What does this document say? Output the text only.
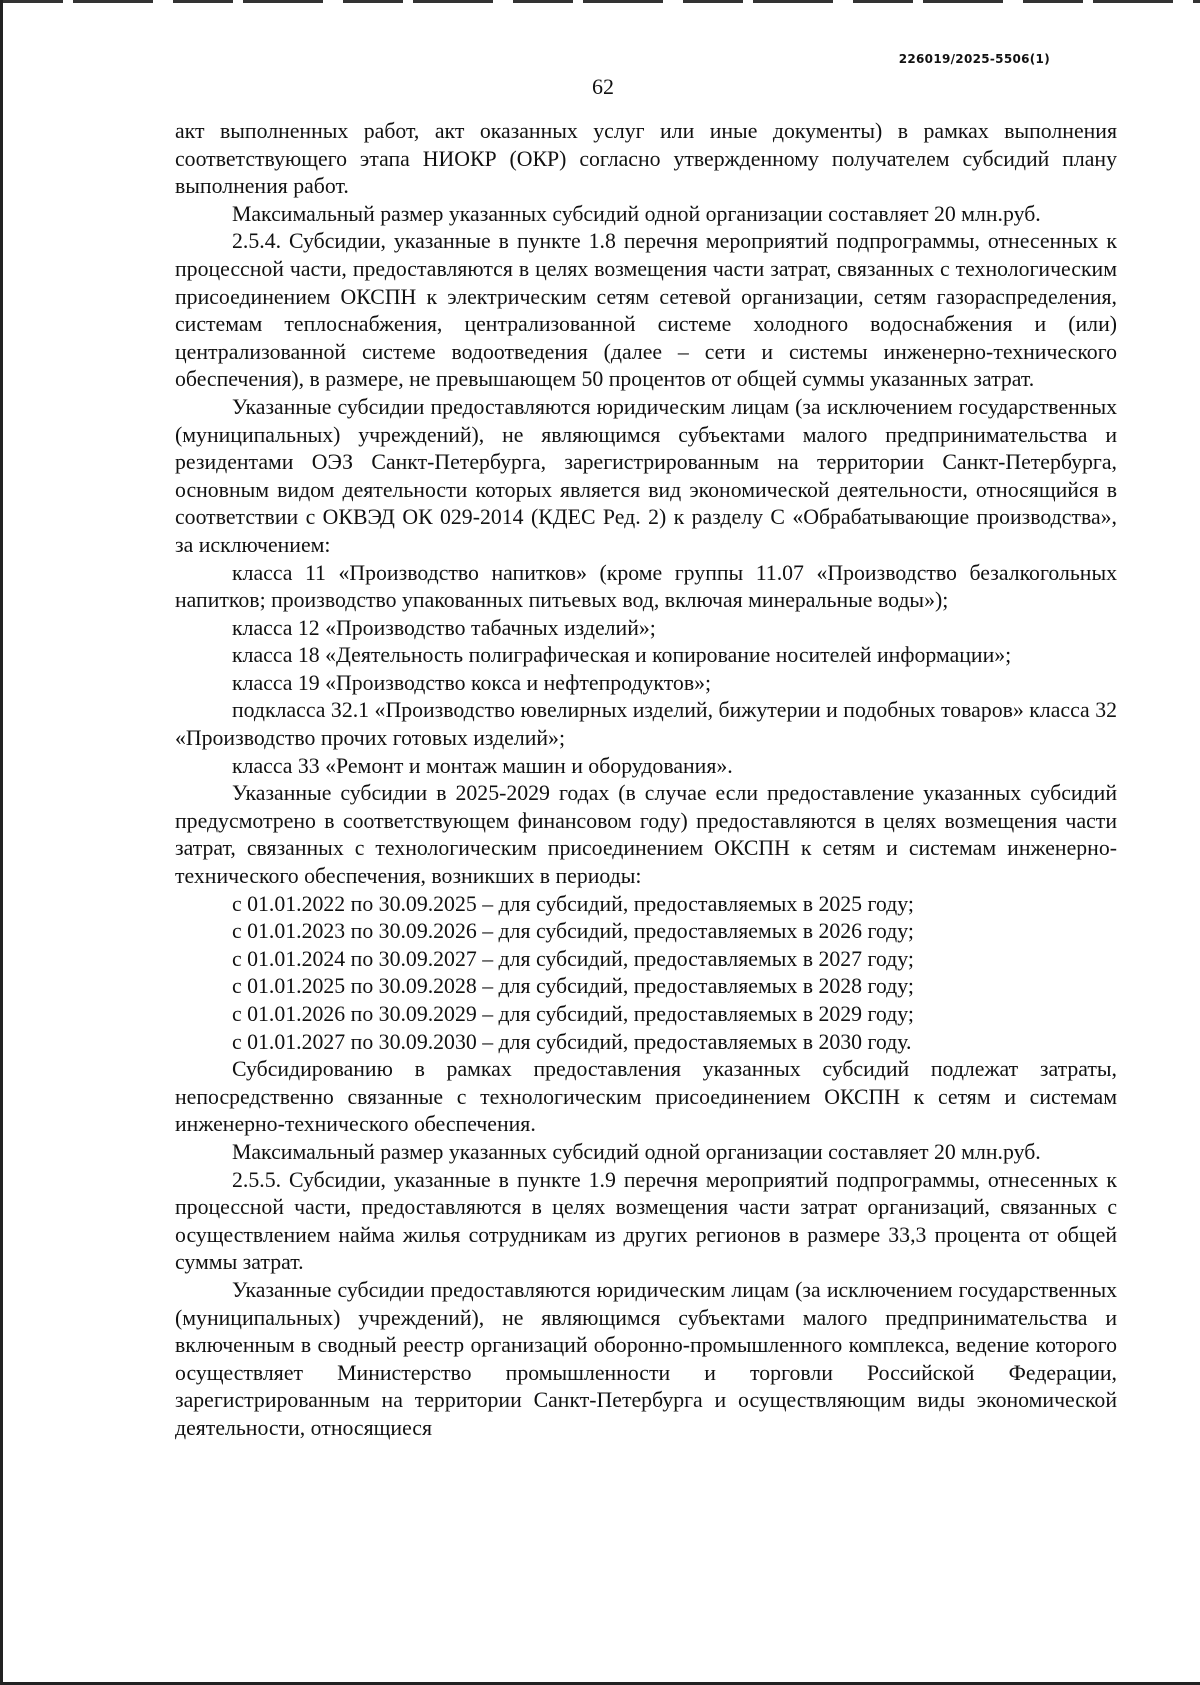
226019/2025-5506(1)
62

акт выполненных работ, акт оказанных услуг или иные документы) в рамках выполнения соответствующего этапа НИОКР (ОКР) согласно утвержденному получателем субсидий плану выполнения работ.

Максимальный размер указанных субсидий одной организации составляет 20 млн.руб.

2.5.4. Субсидии, указанные в пункте 1.8 перечня мероприятий подпрограммы, отнесенных к процессной части, предоставляются в целях возмещения части затрат, связанных с технологическим присоединением ОКСПН к электрическим сетям сетевой организации, сетям газораспределения, системам теплоснабжения, централизованной системе холодного водоснабжения и (или) централизованной системе водоотведения (далее – сети и системы инженерно-технического обеспечения), в размере, не превышающем 50 процентов от общей суммы указанных затрат.

Указанные субсидии предоставляются юридическим лицам (за исключением государственных (муниципальных) учреждений), не являющимся субъектами малого предпринимательства и резидентами ОЭЗ Санкт-Петербурга, зарегистрированным на территории Санкт-Петербурга, основным видом деятельности которых является вид экономической деятельности, относящийся в соответствии с ОКВЭД ОК 029-2014 (КДЕС Ред. 2) к разделу С «Обрабатывающие производства», за исключением:

класса 11 «Производство напитков» (кроме группы 11.07 «Производство безалкогольных напитков; производство упакованных питьевых вод, включая минеральные воды»);

класса 12 «Производство табачных изделий»;

класса 18 «Деятельность полиграфическая и копирование носителей информации»;

класса 19 «Производство кокса и нефтепродуктов»;

подкласса 32.1 «Производство ювелирных изделий, бижутерии и подобных товаров» класса 32 «Производство прочих готовых изделий»;

класса 33 «Ремонт и монтаж машин и оборудования».

Указанные субсидии в 2025-2029 годах (в случае если предоставление указанных субсидий предусмотрено в соответствующем финансовом году) предоставляются в целях возмещения части затрат, связанных с технологическим присоединением ОКСПН к сетям и системам инженерно-технического обеспечения, возникших в периоды:

с 01.01.2022 по 30.09.2025 – для субсидий, предоставляемых в 2025 году;

с 01.01.2023 по 30.09.2026 – для субсидий, предоставляемых в 2026 году;

с 01.01.2024 по 30.09.2027 – для субсидий, предоставляемых в 2027 году;

с 01.01.2025 по 30.09.2028 – для субсидий, предоставляемых в 2028 году;

с 01.01.2026 по 30.09.2029 – для субсидий, предоставляемых в 2029 году;

с 01.01.2027 по 30.09.2030 – для субсидий, предоставляемых в 2030 году.

Субсидированию в рамках предоставления указанных субсидий подлежат затраты, непосредственно связанные с технологическим присоединением ОКСПН к сетям и системам инженерно-технического обеспечения.

Максимальный размер указанных субсидий одной организации составляет 20 млн.руб.

2.5.5. Субсидии, указанные в пункте 1.9 перечня мероприятий подпрограммы, отнесенных к процессной части, предоставляются в целях возмещения части затрат организаций, связанных с осуществлением найма жилья сотрудникам из других регионов в размере 33,3 процента от общей суммы затрат.

Указанные субсидии предоставляются юридическим лицам (за исключением государственных (муниципальных) учреждений), не являющимся субъектами малого предпринимательства и включенным в сводный реестр организаций оборонно-промышленного комплекса, ведение которого осуществляет Министерство промышленности и торговли Российской Федерации, зарегистрированным на территории Санкт-Петербурга и осуществляющим виды экономической деятельности, относящиеся
